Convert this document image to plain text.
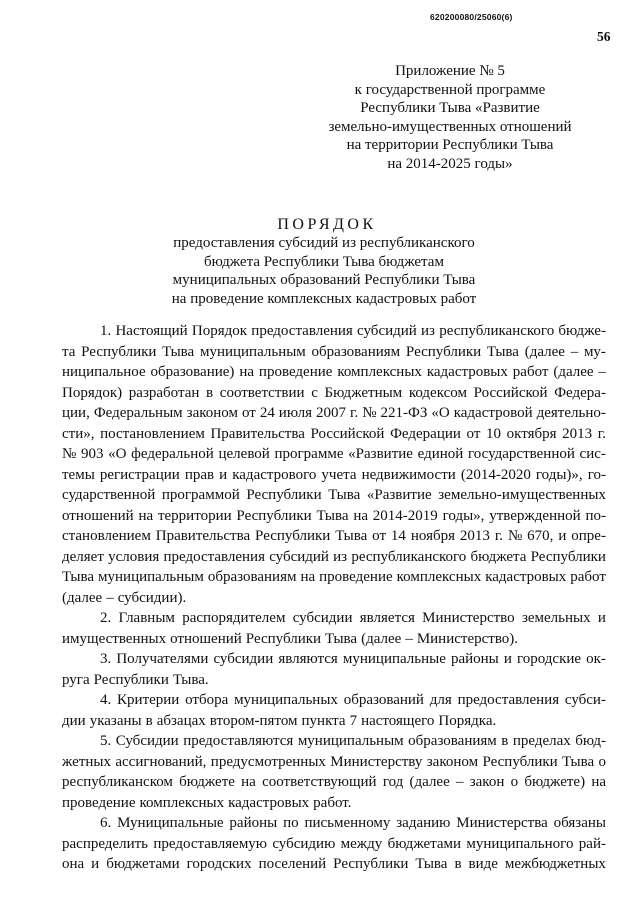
620200080/25060(6)
56
Приложение № 5
к государственной программе
Республики Тыва «Развитие
земельно-имущественных отношений
на территории Республики Тыва
на 2014-2025 годы»
ПОРЯДОК
предоставления субсидий из республиканского
бюджета Республики Тыва бюджетам
муниципальных образований Республики Тыва
на проведение комплексных кадастровых работ
1. Настоящий Порядок предоставления субсидий из республиканского бюдже-
та Республики Тыва муниципальным образованиям Республики Тыва (далее – му-
ниципальное образование) на проведение комплексных кадастровых работ (далее –
Порядок) разработан в соответствии с Бюджетным кодексом Российской Федера-
ции, Федеральным законом от 24 июля 2007 г. № 221-ФЗ «О кадастровой деятельно-
сти», постановлением Правительства Российской Федерации от 10 октября 2013 г.
№ 903 «О федеральной целевой программе «Развитие единой государственной сис-
темы регистрации прав и кадастрового учета недвижимости (2014-2020 годы)», го-
сударственной программой Республики Тыва «Развитие земельно-имущественных
отношений на территории Республики Тыва на 2014-2019 годы», утвержденной по-
становлением Правительства Республики Тыва от 14 ноября 2013 г. № 670, и опре-
деляет условия предоставления субсидий из республиканского бюджета Республики
Тыва муниципальным образованиям на проведение комплексных кадастровых работ
(далее – субсидии).
2. Главным распорядителем субсидии является Министерство земельных и
имущественных отношений Республики Тыва (далее – Министерство).
3. Получателями субсидии являются муниципальные районы и городские ок-
руга Республики Тыва.
4. Критерии отбора муниципальных образований для предоставления субси-
дии указаны в абзацах втором-пятом пункта 7 настоящего Порядка.
5. Субсидии предоставляются муниципальным образованиям в пределах бюд-
жетных ассигнований, предусмотренных Министерству законом Республики Тыва о
республиканском бюджете на соответствующий год (далее – закон о бюджете) на
проведение комплексных кадастровых работ.
6. Муниципальные районы по письменному заданию Министерства обязаны
распределить предоставляемую субсидию между бюджетами муниципального рай-
она и бюджетами городских поселений Республики Тыва в виде межбюджетных
